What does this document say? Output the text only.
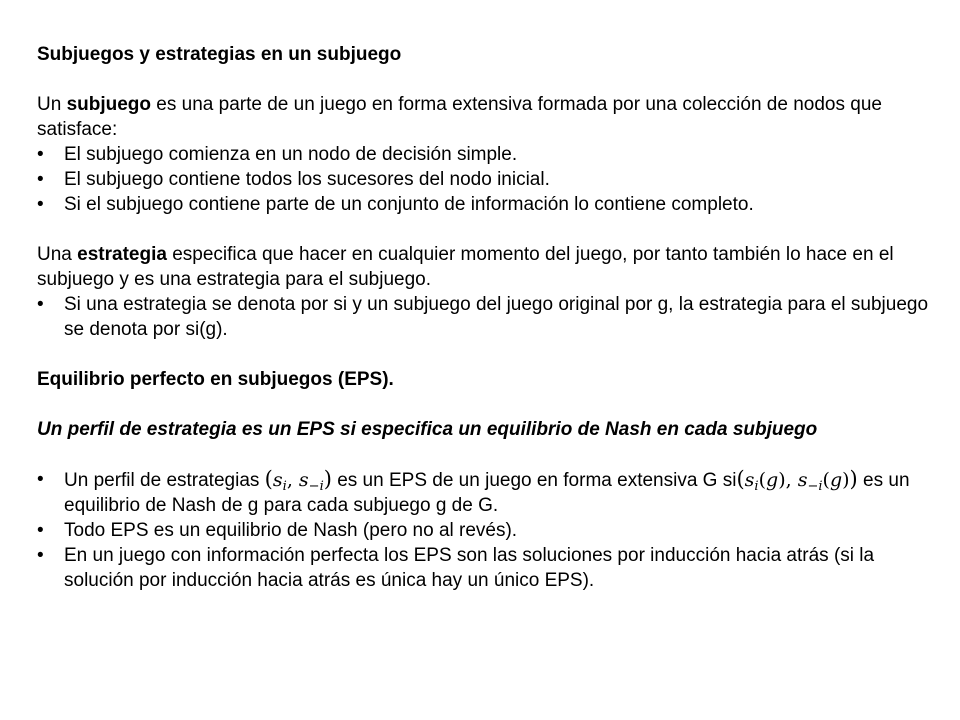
Subjuegos y estrategias en un subjuego

Un subjuego es una parte de un juego en forma extensiva formada por una colección de nodos que satisface:

• El subjuego comienza en un nodo de decisión simple.
• El subjuego contiene todos los sucesores del nodo inicial.
• Si el subjuego contiene parte de un conjunto de información lo contiene completo.

Una estrategia especifica que hacer en cualquier momento del juego, por tanto también lo hace en el subjuego y es una estrategia para el subjuego.

• Si una estrategia se denota por si y un subjuego del juego original por g, la estrategia para el subjuego se denota por si(g).

Equilibrio perfecto en subjuegos (EPS).

Un perfil de estrategia es un EPS si especifica un equilibrio de Nash en cada subjuego

• Un perfil de estrategias ($s_i$, $s_{-i}$) es un EPS de un juego en forma extensiva G $si(s_i(g)$, $s_{-i}(g)$) es un equilibrio de Nash de g para cada subjuego g de G.
• Todo EPS es un equilibrio de Nash (pero no al revés).
• En un juego con información perfecta los EPS son las soluciones por inducción hacia atrás (si la solución por inducción hacia atrás es única hay un único EPS).
